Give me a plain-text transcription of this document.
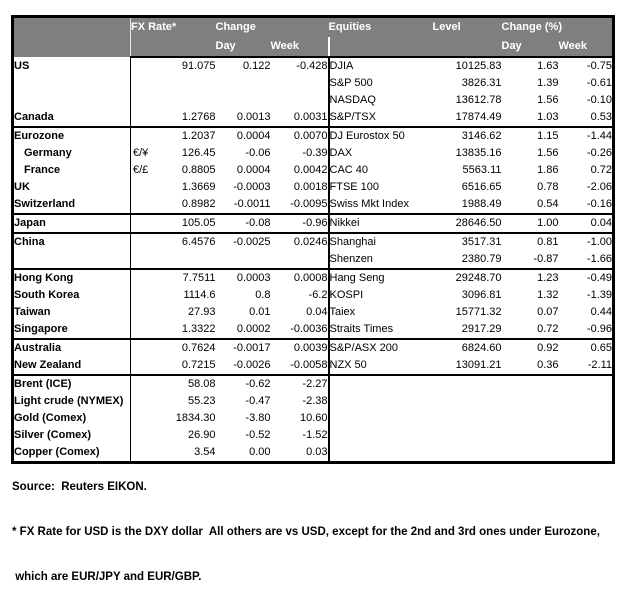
	FX Rate*	Change		Equities	Level	Change (%)	
		Day	Week			Day	Week
US	91.075	0.122	-0.428	DJIA	10125.83	1.63	-0.75

			S&P 500	3826.31	1.39	-0.61

			NASDAQ	13612.78	1.56	-0.10
Canada	1.2768	0.0013	0.0031	S&P/TSX	17874.49	1.03	0.53
Eurozone	1.2037	0.0004	0.0070	DJ Eurostox 50	3146.62	1.15	-1.44
Germany	€/¥ 126.45	-0.06	-0.39	DAX	13835.16	1.56	-0.26
France	€/£ 0.8805	0.0004	0.0042	CAC 40	5563.11	1.86	0.72
UK	1.3669	-0.0003	0.0018	FTSE 100	6516.65	0.78	-2.06
Switzerland	0.8982	-0.0011	-0.0095	Swiss Mkt Index	1988.49	0.54	-0.16
Japan	105.05	-0.08	-0.96	Nikkei	28646.50	1.00	0.04
China	6.4576	-0.0025	0.0246	Shanghai	3517.31	0.81	-1.00

			Shenzen	2380.79	-0.87	-1.66
Hong Kong	7.7511	0.0003	0.0008	Hang Seng	29248.70	1.23	-0.49
South Korea	1114.6	0.8	-6.2	KOSPI	3096.81	1.32	-1.39
Taiwan	27.93	0.01	0.04	Taiex	15771.32	0.07	0.44
Singapore	1.3322	0.0002	-0.0036	Straits Times	2917.29	0.72	-0.96
Australia	0.7624	-0.0017	0.0039	S&P/ASX 200	6824.60	0.92	0.65
New Zealand	0.7215	-0.0026	-0.0058	NZX 50	13091.21	0.36	-2.11
Brent (ICE)	58.08	-0.62	-2.27				
Light crude (NYMEX)	55.23	-0.47	-2.38				
Gold (Comex)	1834.30	-3.80	10.60				
Silver (Comex)	26.90	-0.52	-1.52				
Copper (Comex)	3.54	0.00	0.03				

Source:  Reuters EIKON.

* FX Rate for USD is the DXY dollar  All others are vs USD, except for the 2nd and 3rd ones under Eurozone,

which are EUR/JPY and EUR/GBP.
